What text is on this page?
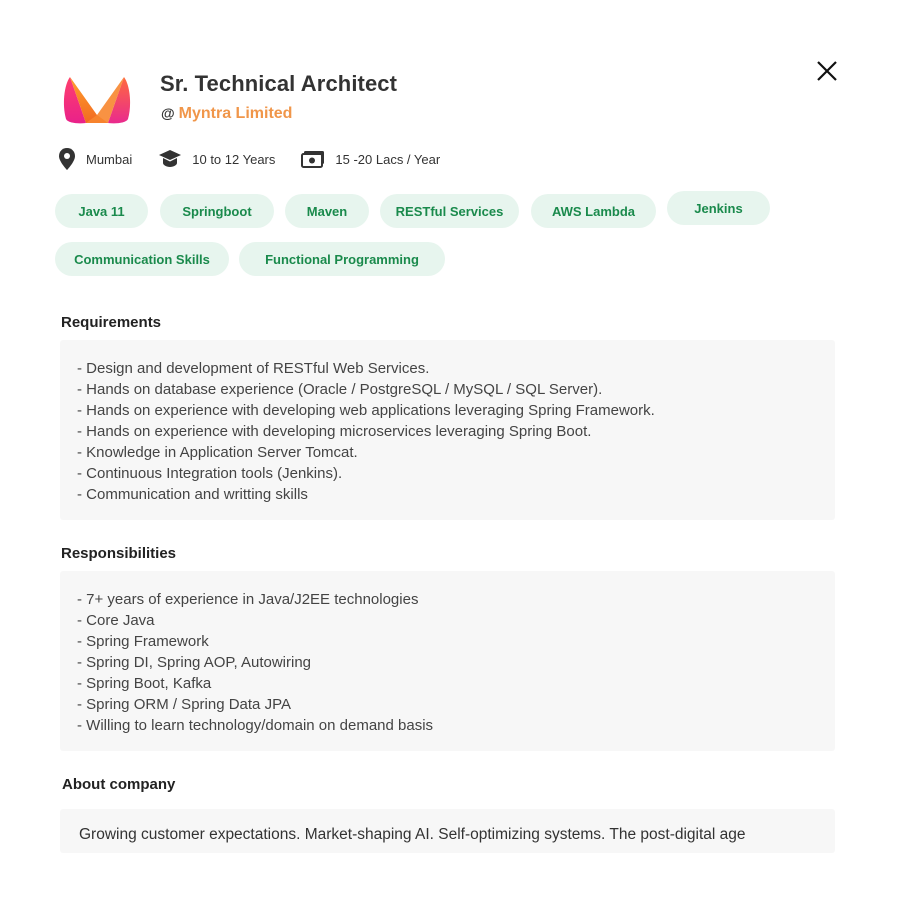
Sr. Technical Architect
@ Myntra Limited
Mumbai	10 to 12 Years	15 -20 Lacs / Year
Java 11	Springboot	Maven	RESTful Services	AWS Lambda	Jenkins
Communication Skills	Functional Programming
Requirements
- Design and development of RESTful Web Services.
- Hands on database experience (Oracle / PostgreSQL / MySQL / SQL Server).
- Hands on experience with developing web applications leveraging Spring Framework.
- Hands on experience with developing microservices leveraging Spring Boot.
- Knowledge in Application Server Tomcat.
- Continuous Integration tools (Jenkins).
- Communication and writting skills
Responsibilities
- 7+ years of experience in Java/J2EE technologies
- Core Java
- Spring Framework
- Spring DI, Spring AOP, Autowiring
- Spring Boot, Kafka
- Spring ORM / Spring Data JPA
- Willing to learn technology/domain on demand basis
About company
Growing customer expectations. Market-shaping AI. Self-optimizing systems. The post-digital age
